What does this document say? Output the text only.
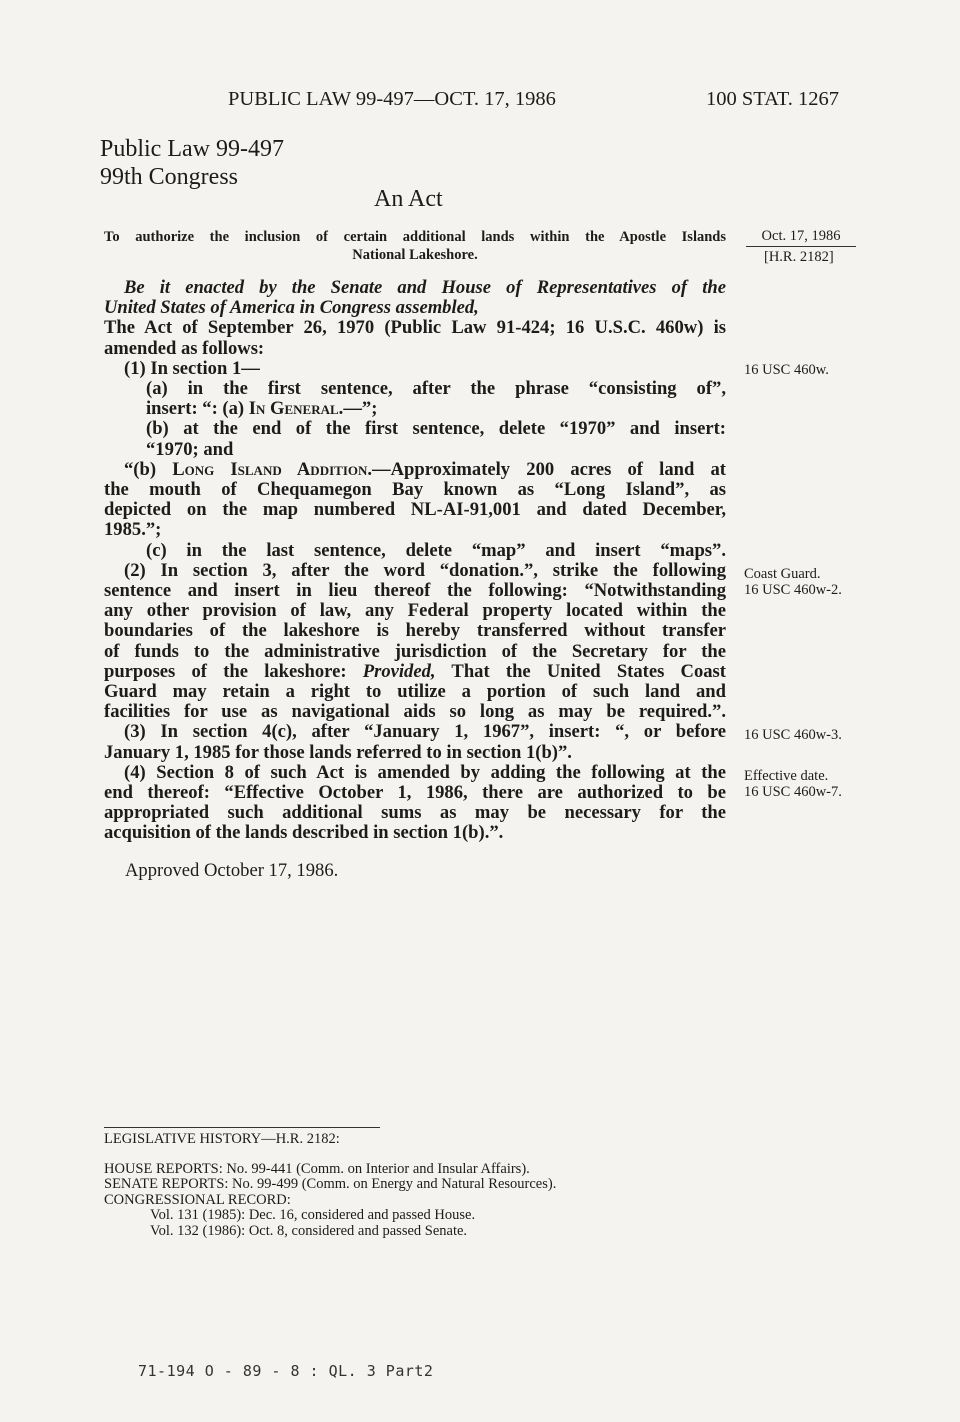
PUBLIC LAW 99-497—OCT. 17, 1986	100 STAT. 1267
Public Law 99-497
99th Congress
An Act
To authorize the inclusion of certain additional lands within the Apostle Islands
National Lakeshore.
Oct. 17, 1986
[H.R. 2182]

Be it enacted by the Senate and House of Representatives of the

United States of America in Congress assembled,

The Act of September 26, 1970 (Public Law 91-424; 16 U.S.C. 460w) is

amended as follows:

(1) In section 1—

(a) in the first sentence, after the phrase “consisting of”,

insert: “: (a) In General.—”;

(b) at the end of the first sentence, delete “1970” and insert:

“1970; and

“(b) Long Island Addition.—Approximately 200 acres of land at

the mouth of Chequamegon Bay known as “Long Island”, as

depicted on the map numbered NL-AI-91,001 and dated December,

1985.”;

(c) in the last sentence, delete “map” and insert “maps”.

(2) In section 3, after the word “donation.”, strike the following

sentence and insert in lieu thereof the following: “Notwithstanding

any other provision of law, any Federal property located within the

boundaries of the lakeshore is hereby transferred without transfer

of funds to the administrative jurisdiction of the Secretary for the

purposes of the lakeshore: Provided, That the United States Coast

Guard may retain a right to utilize a portion of such land and

facilities for use as navigational aids so long as may be required.”.

(3) In section 4(c), after “January 1, 1967”, insert: “, or before

January 1, 1985 for those lands referred to in section 1(b)”.

(4) Section 8 of such Act is amended by adding the following at the

end thereof: “Effective October 1, 1986, there are authorized to be

appropriated such additional sums as may be necessary for the

acquisition of the lands described in section 1(b).”.

Approved October 17, 1986.
16 USC 460w.
Coast Guard.
16 USC 460w-2.
16 USC 460w-3.
Effective date.
16 USC 460w-7.
LEGISLATIVE HISTORY—H.R. 2182:
HOUSE REPORTS: No. 99-441 (Comm. on Interior and Insular Affairs).
SENATE REPORTS: No. 99-499 (Comm. on Energy and Natural Resources).
CONGRESSIONAL RECORD:
Vol. 131 (1985): Dec. 16, considered and passed House.
Vol. 132 (1986): Oct. 8, considered and passed Senate.
71-194 O - 89 - 8 : QL. 3 Part2
